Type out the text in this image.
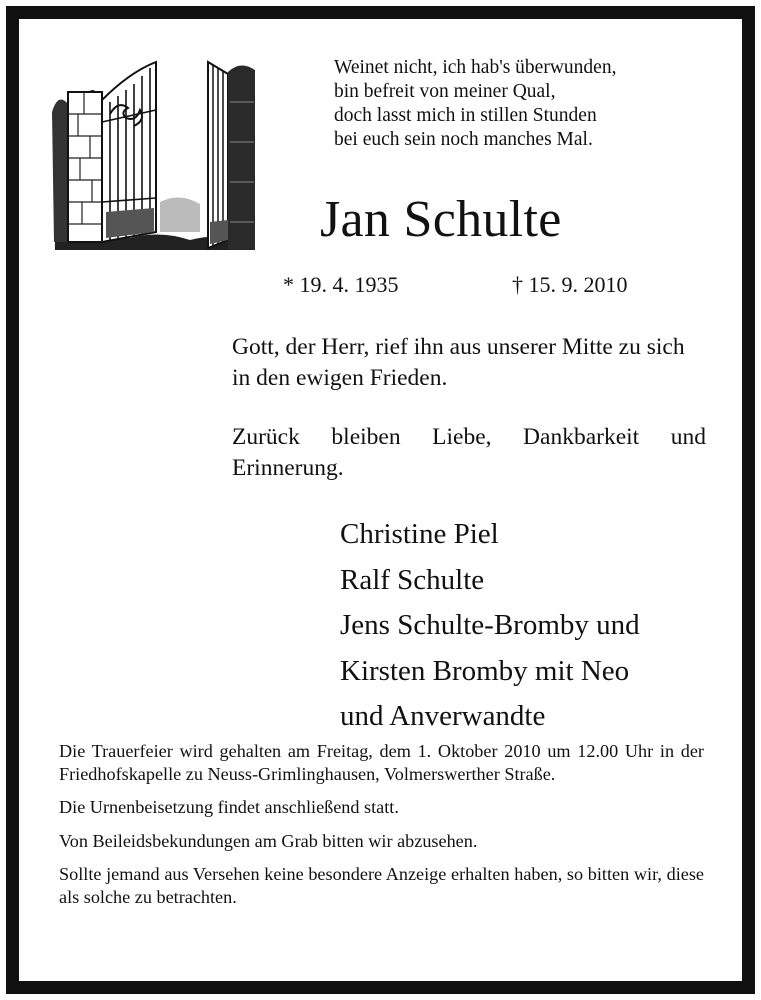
Weinet nicht, ich hab's überwunden,
bin befreit von meiner Qual,
doch lasst mich in stillen Stunden
bei euch sein noch manches Mal.
Jan Schulte
* 19. 4. 1935	† 15. 9. 2010
Gott, der Herr, rief ihn aus unserer Mitte zu sich in den ewigen Frieden.
Zurück bleiben Liebe, Dankbarkeit und Erinnerung.
Christine Piel
Ralf Schulte
Jens Schulte-Bromby und
Kirsten Bromby mit Neo
und Anverwandte

Die Trauerfeier wird gehalten am Freitag, dem 1. Oktober 2010 um 12.00 Uhr in der Friedhofskapelle zu Neuss-Grimlinghausen, Volmerswerther Straße.

Die Urnenbeisetzung findet anschließend statt.

Von Beileidsbekundungen am Grab bitten wir abzusehen.

Sollte jemand aus Versehen keine besondere Anzeige erhalten haben, so bitten wir, diese als solche zu betrachten.
